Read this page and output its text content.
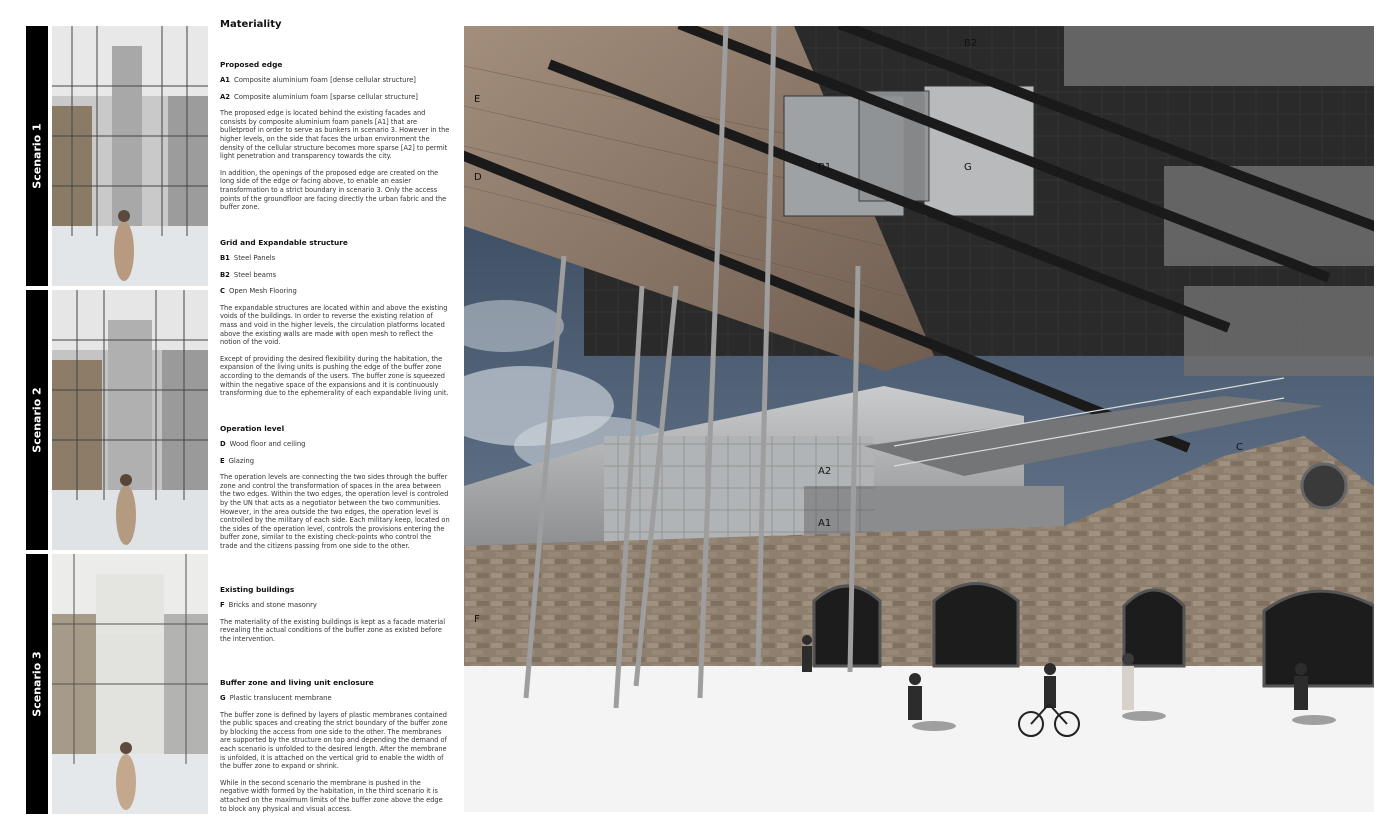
Scenario 1
Scenario 2
Scenario 3
Materiality
Proposed edge
A1 Composite aluminium foam [dense cellular structure]
A2 Composite aluminium foam [sparse cellular structure]

The proposed edge is located behind the existing facades and consists by composite aluminium foam panels [A1] that are bulletproof in order to serve as bunkers in scenario 3. However in the higher levels, on the side that faces the urban environment the density of the cellular structure becomes more sparse [A2] to permit light penetration and transparency towards the city.

In addition, the openings of the proposed edge are created on the long side of the edge or facing above, to enable an easier transformation to a strict boundary in scenario 3. Only the access points of the groundfloor are facing directly the urban fabric and the buffer zone.

Grid and Expandable structure
B1 Steel Panels
B2 Steel beams
C Open Mesh Flooring

The expandable structures are located within and above the existing voids of the buildings. In order to reverse the existing relation of mass and void in the higher levels, the circulation platforms located above the existing walls are made with open mesh to reflect the notion of the void.

Except of providing the desired flexibility during the habitation, the expansion of the living units is pushing the edge of the buffer zone according to the demands of the users. The buffer zone is squeezed within the negative space of the expansions and it is continuously transforming due to the ephemerality of each expandable living unit.

Operation level
D Wood floor and ceiling
E Glazing

The operation levels are connecting the two sides through the buffer zone and control the transformation of spaces in the area between the two edges. Within the two edges, the operation level is controled by the UN that acts as a negotiator between the two communities. However, in the area outside the two edges, the operation level is controlled by the military of each side. Each military keep, located on the sides of the operation level, controls the provisions entering the buffer zone, similar to the existing check-points who control the trade and the citizens passing from one side to the other.

Existing buildings
F Bricks and stone masonry

The materiality of the existing buildings is kept as a facade material revealing the actual conditions of the buffer zone as existed before the intervention.

Buffer zone and living unit enclosure
G Plastic translucent membrane

The buffer zone is defined by layers of plastic membranes contained the public spaces and creating the strict boundary of the buffer zone by blocking the access from one side to the other. The membranes are supported by the structure on top and depending the demand of each scenario is unfolded to the desired length. After the membrane is unfolded, it is attached on the vertical grid to enable the width of the buffer zone to expand or shrink.

While in the second scenario the membrane is pushed in the negative width formed by the habitation, in the third scenario it is attached on the maximum limits of the buffer zone above the edge to block any physical and visual access.

B2
E
D
B1	G
A2
A1
C
F
